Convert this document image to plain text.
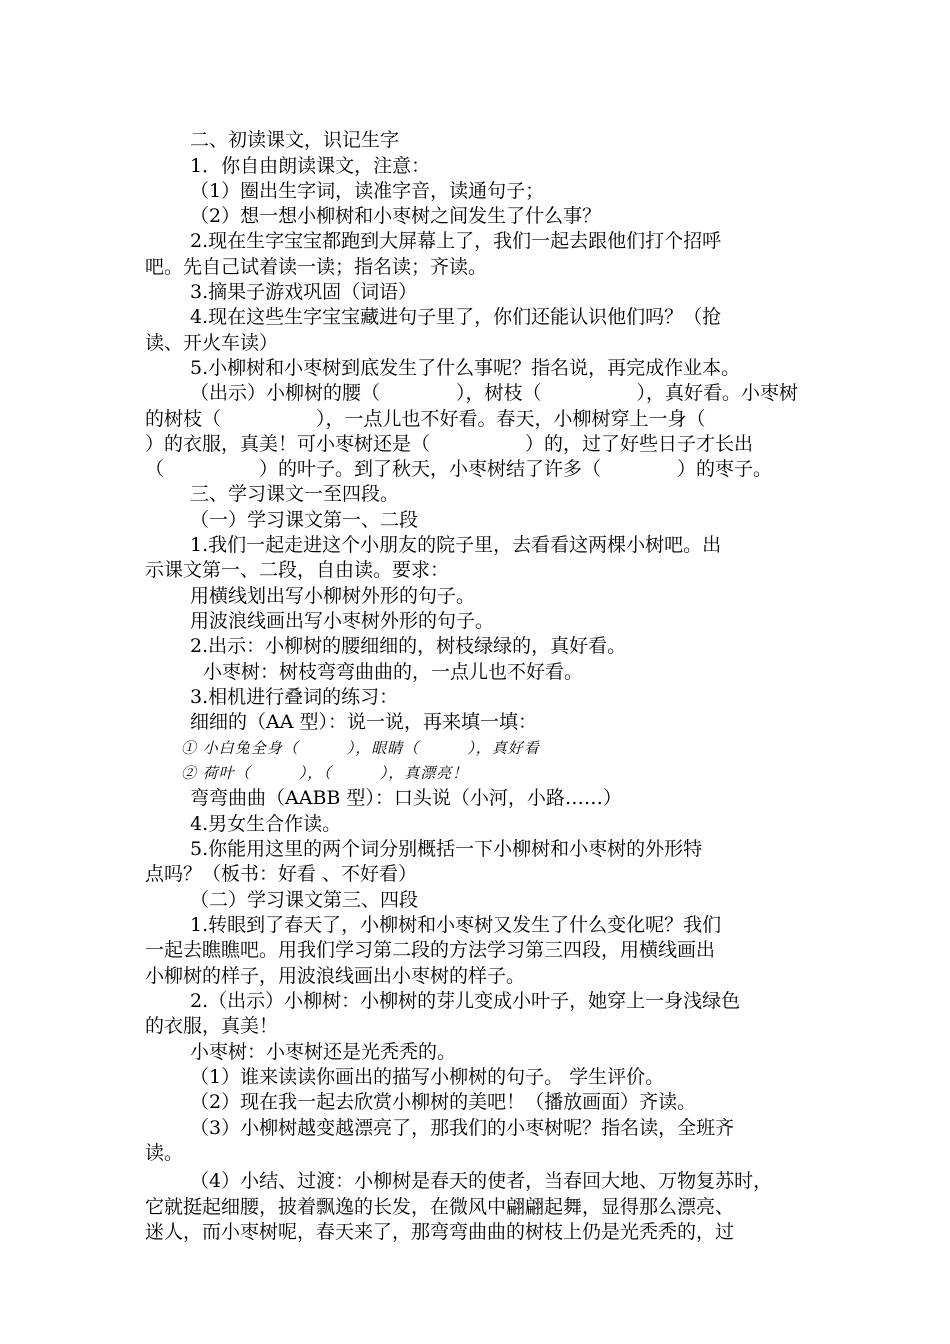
二、初读课文，识记生字
1．你自由朗读课文，注意：
（1）圈出生字词，读准字音，读通句子；
（2）想一想小柳树和小枣树之间发生了什么事？
2.现在生字宝宝都跑到大屏幕上了，我们一起去跟他们打个招呼
吧。先自己试着读一读；指名读；齐读。
3.摘果子游戏巩固（词语）
4.现在这些生字宝宝藏进句子里了，你们还能认识他们吗？（抢
读、开火车读）
5.小柳树和小枣树到底发生了什么事呢？指名说，再完成作业本。
（出示）小柳树的腰（　　　　），树枝（　　　　　），真好看。小枣树
的树枝（　　　　　），一点儿也不好看。春天，小柳树穿上一身（
）的衣服，真美！可小枣树还是（　　　　　）的，过了好些日子才长出
（　　　　　）的叶子。到了秋天，小枣树结了许多（　　　　）的枣子。
三、学习课文一至四段。
（一）学习课文第一、二段
1.我们一起走进这个小朋友的院子里，去看看这两棵小树吧。出
示课文第一、二段，自由读。要求：
用横线划出写小柳树外形的句子。
用波浪线画出写小枣树外形的句子。
2.出示：小柳树的腰细细的，树枝绿绿的，真好看。
小枣树：树枝弯弯曲曲的，一点儿也不好看。
3.相机进行叠词的练习：
细细的（AA 型）：说一说，再来填一填：
① 小白兔全身（　　　），眼睛（　　　），真好看
② 荷叶（　　　），（　　　），真漂亮！
弯弯曲曲（AABB 型）：口头说（小河，小路……）
4.男女生合作读。
5.你能用这里的两个词分别概括一下小柳树和小枣树的外形特
点吗？（板书：好看 、不好看）
（二）学习课文第三、四段
1.转眼到了春天了，小柳树和小枣树又发生了什么变化呢？我们
一起去瞧瞧吧。用我们学习第二段的方法学习第三四段，用横线画出
小柳树的样子，用波浪线画出小枣树的样子。
2.（出示）小柳树：小柳树的芽儿变成小叶子，她穿上一身浅绿色
的衣服，真美！
小枣树：小枣树还是光秃秃的。
（1）谁来读读你画出的描写小柳树的句子。 学生评价。
（2）现在我一起去欣赏小柳树的美吧！（播放画面）齐读。
（3）小柳树越变越漂亮了，那我们的小枣树呢？指名读，全班齐
读。
（4）小结、过渡：小柳树是春天的使者，当春回大地、万物复苏时，
它就挺起细腰，披着飘逸的长发，在微风中翩翩起舞，显得那么漂亮、
迷人，而小枣树呢，春天来了，那弯弯曲曲的树枝上仍是光秃秃的，过
